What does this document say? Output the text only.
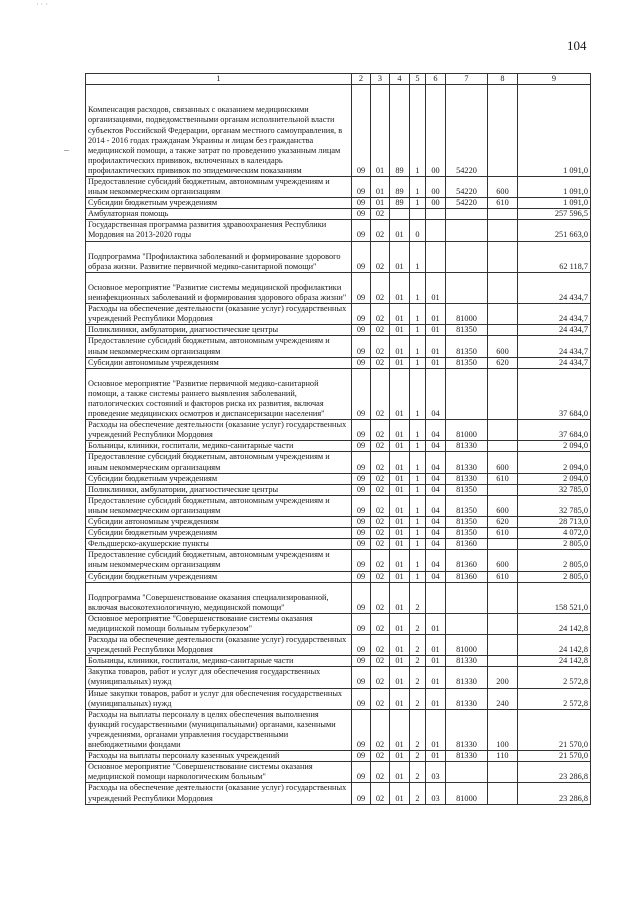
· · ·
104
1	2	3	4	5	6	7	8	9
Компенсация расходов, связанных с оказанием медицинскими организациями, подведомственными органам исполнительной власти субъектов Российской Федерации, органам местного самоуправления, в 2014 - 2016 годах гражданам Украины и лицам без гражданства медицинской помощи, а также затрат по проведению указанным лицам профилактических прививок, включенных в календарь профилактических прививок по эпидемическим показаниям	09	01	89	1	00	54220		1 091,0
Предоставление субсидий бюджетным, автономным учреждениям и иным некоммерческим организациям	09	01	89	1	00	54220	600	1 091,0
Субсидии бюджетным учреждениям	09	01	89	1	00	54220	610	1 091,0
Амбулаторная помощь	09	02						257 596,5
Государственная программа развития здравоохранения Республики Мордовия на 2013-2020 годы	09	02	01	0				251 663,0
Подпрограмма "Профилактика заболеваний и формирование здорового образа жизни. Развитие первичной медико-санитарной помощи"	09	02	01	1				62 118,7
Основное мероприятие "Развитие системы медицинской профилактики неинфекционных заболеваний и формирования здорового образа жизни"	09	02	01	1	01			24 434,7
Расходы на обеспечение деятельности (оказание услуг) государственных учреждений Республики Мордовия	09	02	01	1	01	81000		24 434,7
Поликлиники, амбулатории, диагностические центры	09	02	01	1	01	81350		24 434,7
Предоставление субсидий бюджетным, автономным учреждениям и иным некоммерческим организациям	09	02	01	1	01	81350	600	24 434,7
Субсидии автономным учреждениям	09	02	01	1	01	81350	620	24 434,7
Основное мероприятие "Развитие первичной медико-санитарной помощи, а также системы раннего выявления заболеваний, патологических состояний и факторов риска их развития, включая проведение медицинских осмотров и диспансеризации населения"	09	02	01	1	04			37 684,0
Расходы на обеспечение деятельности (оказание услуг) государственных учреждений Республики Мордовия	09	02	01	1	04	81000		37 684,0
Больницы, клиники, госпитали, медико-санитарные части	09	02	01	1	04	81330		2 094,0
Предоставление субсидий бюджетным, автономным учреждениям и иным некоммерческим организациям	09	02	01	1	04	81330	600	2 094,0
Субсидии бюджетным учреждениям	09	02	01	1	04	81330	610	2 094,0
Поликлиники, амбулатории, диагностические центры	09	02	01	1	04	81350		32 785,0
Предоставление субсидий бюджетным, автономным учреждениям и иным некоммерческим организациям	09	02	01	1	04	81350	600	32 785,0
Субсидии автономным учреждениям	09	02	01	1	04	81350	620	28 713,0
Субсидии бюджетным учреждениям	09	02	01	1	04	81350	610	4 072,0
Фельдшерско-акушерские пункты	09	02	01	1	04	81360		2 805,0
Предоставление субсидий бюджетным, автономным учреждениям и иным некоммерческим организациям	09	02	01	1	04	81360	600	2 805,0
Субсидии бюджетным учреждениям	09	02	01	1	04	81360	610	2 805,0
Подпрограмма "Совершенствование оказания специализированной, включая высокотехнологичную, медицинской помощи"	09	02	01	2				158 521,0
Основное мероприятие "Совершенствование системы оказания медицинской помощи больным туберкулезом"	09	02	01	2	01			24 142,8
Расходы на обеспечение деятельности (оказание услуг) государственных учреждений Республики Мордовия	09	02	01	2	01	81000		24 142,8
Больницы, клиники, госпитали, медико-санитарные части	09	02	01	2	01	81330		24 142,8
Закупка товаров, работ и услуг для обеспечения государственных (муниципальных) нужд	09	02	01	2	01	81330	200	2 572,8
Иные закупки товаров, работ и услуг для обеспечения государственных (муниципальных) нужд	09	02	01	2	01	81330	240	2 572,8
Расходы на выплаты персоналу в целях обеспечения выполнения функций государственными (муниципальными) органами, казенными учреждениями, органами управления государственными внебюджетными фондами	09	02	01	2	01	81330	100	21 570,0
Расходы на выплаты персоналу казенных учреждений	09	02	01	2	01	81330	110	21 570,0
Основное мероприятие "Совершенствование системы оказания медицинской помощи наркологическим больным"	09	02	01	2	03			23 286,8
Расходы на обеспечение деятельности (оказание услуг) государственных учреждений Республики Мордовия	09	02	01	2	03	81000		23 286,8
